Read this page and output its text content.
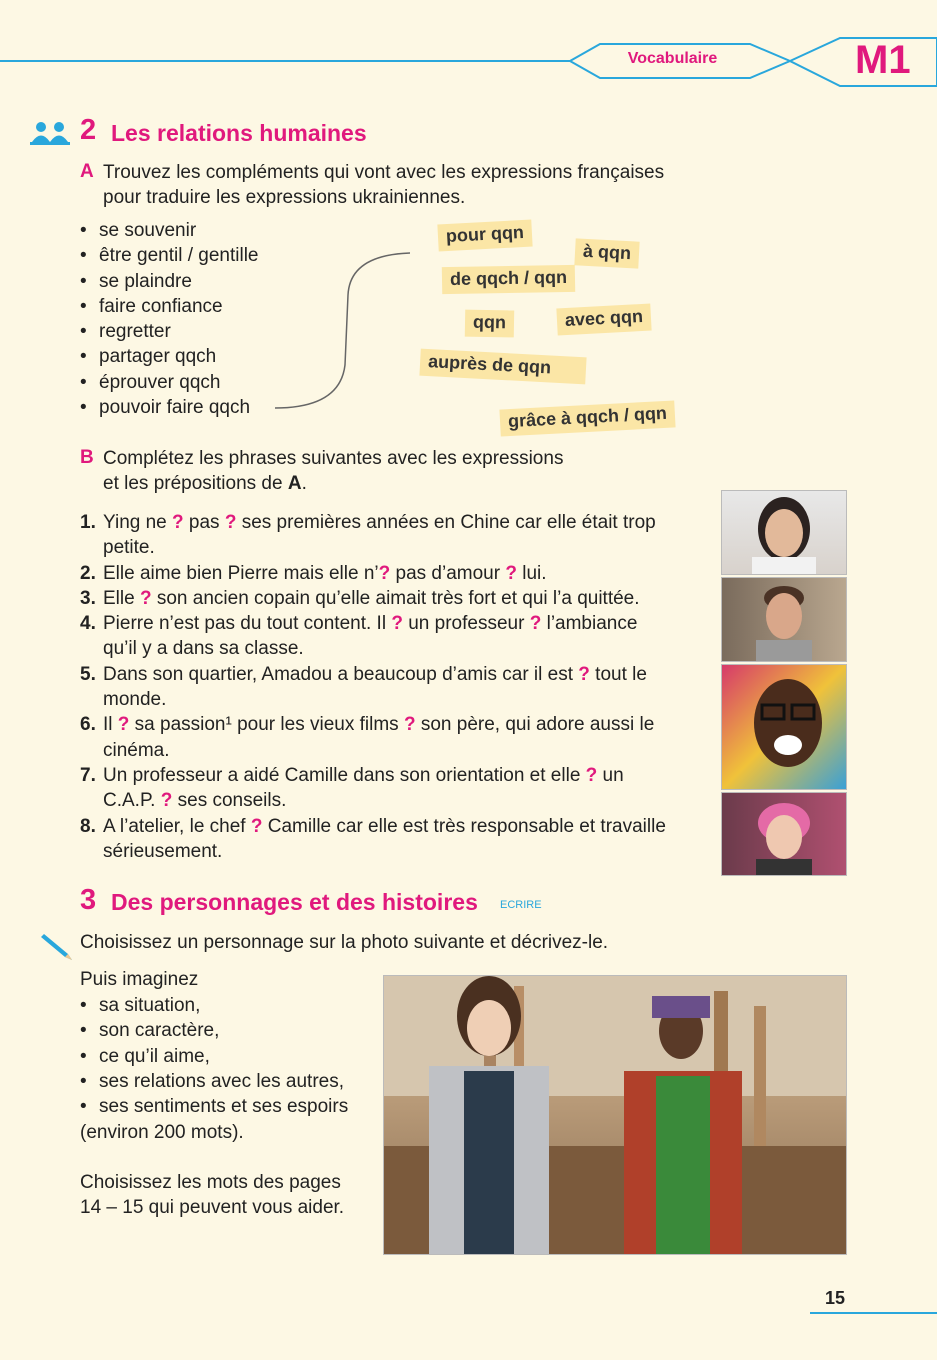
Vocabulaire	M1
2 Les relations humaines
A Trouvez les compléments qui vont avec les expressions françaises
pour traduire les expressions ukrainiennes.
• se souvenir
• être gentil / gentille
• se plaindre
• faire confiance
• regretter
• partager qqch
• éprouver qqch
• pouvoir faire qqch
pour qqn
à qqn
de qqch / qqn
qqn	avec qqn
auprès de qqn
grâce à qqch / qqn
B Complétez les phrases suivantes avec les expressions
et les prépositions de A.
1. Ying ne ? pas ? ses premières années en Chine car elle était trop
petite.
2. Elle aime bien Pierre mais elle n’? pas d’amour ? lui.
3. Elle ? son ancien copain qu’elle aimait très fort et qui l’a quittée.
4. Pierre n’est pas du tout content. Il ? un professeur ? l’ambiance
qu’il y a dans sa classe.
5. Dans son quartier, Amadou a beaucoup d’amis car il est ? tout le
monde.
6. Il ? sa passion¹ pour les vieux films ? son père, qui adore aussi le
cinéma.
7. Un professeur a aidé Camille dans son orientation et elle ? un
C.A.P. ? ses conseils.
8. A l’atelier, le chef ? Camille car elle est très responsable et travaille
sérieusement.
3 Des personnages et des histoires ECRIRE
Choisissez un personnage sur la photo suivante et décrivez-le.
Puis imaginez
• sa situation,
• son caractère,
• ce qu’il aime,
• ses relations avec les autres,
• ses sentiments et ses espoirs
(environ 200 mots).
Choisissez les mots des pages
14 – 15 qui peuvent vous aider.
15
